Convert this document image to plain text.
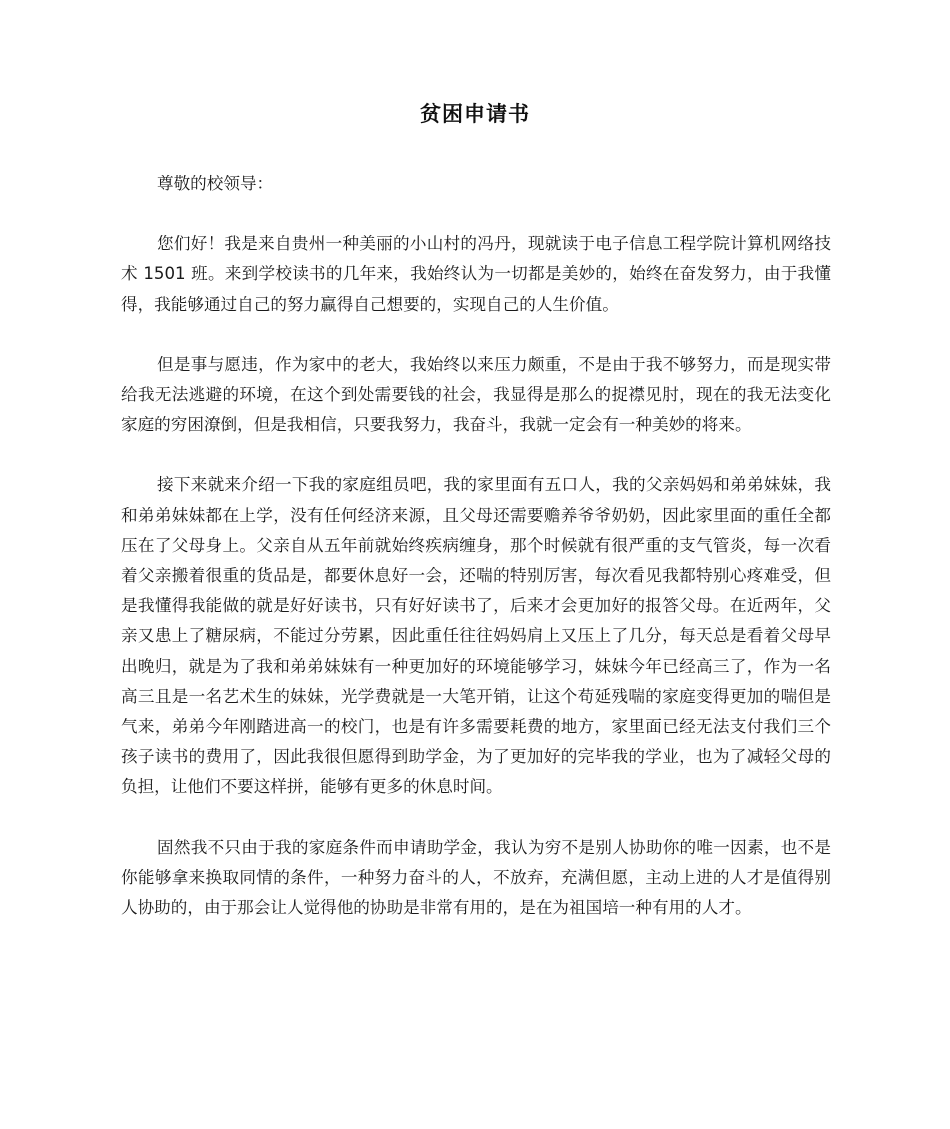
贫困申请书

尊敬的校领导：

您们好！我是来自贵州一种美丽的小山村的冯丹，现就读于电子信息工程学院计算机网络技术 1501 班。来到学校读书的几年来，我始终认为一切都是美妙的，始终在奋发努力，由于我懂得，我能够通过自己的努力赢得自己想要的，实现自己的人生价值。

但是事与愿违，作为家中的老大，我始终以来压力颇重，不是由于我不够努力，而是现实带给我无法逃避的环境，在这个到处需要钱的社会，我显得是那么的捉襟见肘，现在的我无法变化家庭的穷困潦倒，但是我相信，只要我努力，我奋斗，我就一定会有一种美妙的将来。

接下来就来介绍一下我的家庭组员吧，我的家里面有五口人，我的父亲妈妈和弟弟妹妹，我和弟弟妹妹都在上学，没有任何经济来源，且父母还需要赡养爷爷奶奶，因此家里面的重任全都压在了父母身上。父亲自从五年前就始终疾病缠身，那个时候就有很严重的支气管炎，每一次看着父亲搬着很重的货品是，都要休息好一会，还喘的特别厉害，每次看见我都特别心疼难受，但是我懂得我能做的就是好好读书，只有好好读书了，后来才会更加好的报答父母。在近两年，父亲又患上了糖尿病，不能过分劳累，因此重任往往妈妈肩上又压上了几分，每天总是看着父母早出晚归，就是为了我和弟弟妹妹有一种更加好的环境能够学习，妹妹今年已经高三了，作为一名高三且是一名艺术生的妹妹，光学费就是一大笔开销，让这个苟延残喘的家庭变得更加的喘但是气来，弟弟今年刚踏进高一的校门，也是有许多需要耗费的地方，家里面已经无法支付我们三个孩子读书的费用了，因此我很但愿得到助学金，为了更加好的完毕我的学业，也为了减轻父母的负担，让他们不要这样拼，能够有更多的休息时间。

固然我不只由于我的家庭条件而申请助学金，我认为穷不是别人协助你的唯一因素，也不是你能够拿来换取同情的条件，一种努力奋斗的人，不放弃，充满但愿，主动上进的人才是值得别人协助的，由于那会让人觉得他的协助是非常有用的，是在为祖国培一种有用的人才。
